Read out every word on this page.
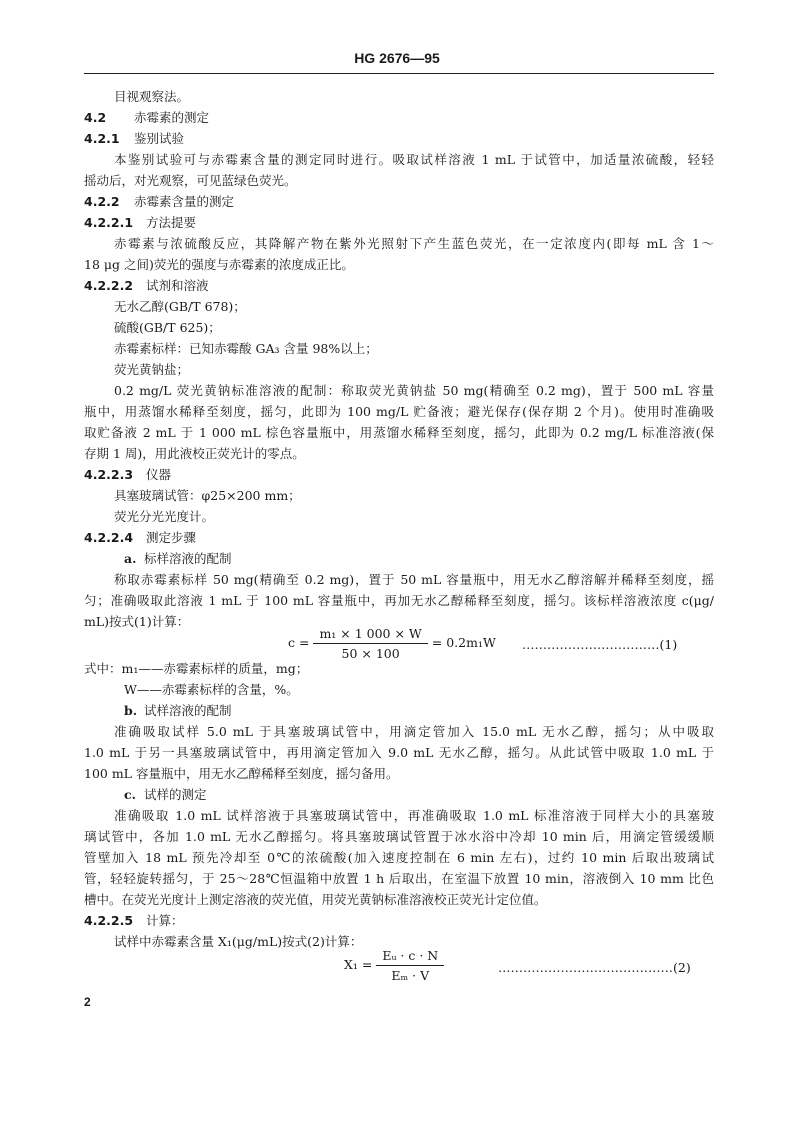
HG 2676—95
目视观察法。
4.2 赤霉素的测定
4.2.1 鉴别试验
本鉴别试验可与赤霉素含量的测定同时进行。吸取试样溶液 1 mL 于试管中，加适量浓硫酸，轻轻
摇动后，对光观察，可见蓝绿色荧光。
4.2.2 赤霉素含量的测定
4.2.2.1 方法提要
赤霉素与浓硫酸反应，其降解产物在紫外光照射下产生蓝色荧光，在一定浓度内(即每 mL 含 1～
18 μg 之间)荧光的强度与赤霉素的浓度成正比。
4.2.2.2 试剂和溶液
无水乙醇(GB/T 678)；
硫酸(GB/T 625)；
赤霉素标样：已知赤霉酸 GA₃ 含量 98%以上；
荧光黄钠盐；
0.2 mg/L 荧光黄钠标准溶液的配制：称取荧光黄钠盐 50 mg(精确至 0.2 mg)，置于 500 mL 容量
瓶中，用蒸馏水稀释至刻度，摇匀，此即为 100 mg/L 贮备液；避光保存(保存期 2 个月)。使用时准确吸
取贮备液 2 mL 于 1 000 mL 棕色容量瓶中，用蒸馏水稀释至刻度，摇匀，此即为 0.2 mg/L 标准溶液(保
存期 1 周)，用此液校正荧光计的零点。
4.2.2.3 仪器
具塞玻璃试管：φ25×200 mm；
荧光分光光度计。
4.2.2.4 测定步骤
a. 标样溶液的配制
称取赤霉素标样 50 mg(精确至 0.2 mg)，置于 50 mL 容量瓶中，用无水乙醇溶解并稀释至刻度，摇
匀；准确吸取此溶液 1 mL 于 100 mL 容量瓶中，再加无水乙醇稀释至刻度，摇匀。该标样溶液浓度 c(μg/
mL)按式(1)计算：
$c = \frac{\text{m₁ × 1 000 × W}}{50 \times 100} = 0.2m_1W$ ……………………………(1)
式中：m₁——赤霉素标样的质量，mg；
W——赤霉素标样的含量，%。
b. 试样溶液的配制
准确吸取试样 5.0 mL 于具塞玻璃试管中，用滴定管加入 15.0 mL 无水乙醇，摇匀；从中吸取
1.0 mL 于另一具塞玻璃试管中，再用滴定管加入 9.0 mL 无水乙醇，摇匀。从此试管中吸取 1.0 mL 于
100 mL 容量瓶中，用无水乙醇稀释至刻度，摇匀备用。
c. 试样的测定
准确吸取 1.0 mL 试样溶液于具塞玻璃试管中，再准确吸取 1.0 mL 标准溶液于同样大小的具塞玻
璃试管中，各加 1.0 mL 无水乙醇摇匀。将具塞玻璃试管置于冰水浴中冷却 10 min 后，用滴定管缓缓顺
管壁加入 18 mL 预先冷却至 0℃的浓硫酸(加入速度控制在 6 min 左右)，过约 10 min 后取出玻璃试
管，轻轻旋转摇匀，于 25～28℃恒温箱中放置 1 h 后取出，在室温下放置 10 min，溶液倒入 10 mm 比色
槽中。在荧光光度计上测定溶液的荧光值，用荧光黄钠标准溶液校正荧光计定位值。
4.2.2.5 计算：
试样中赤霉素含量 X₁(μg/mL)按式(2)计算：
$X_1 = \frac{\text{Eᵤ · c · N}}{\text{Eₘ · V}}$	……………………………………(2)
2
